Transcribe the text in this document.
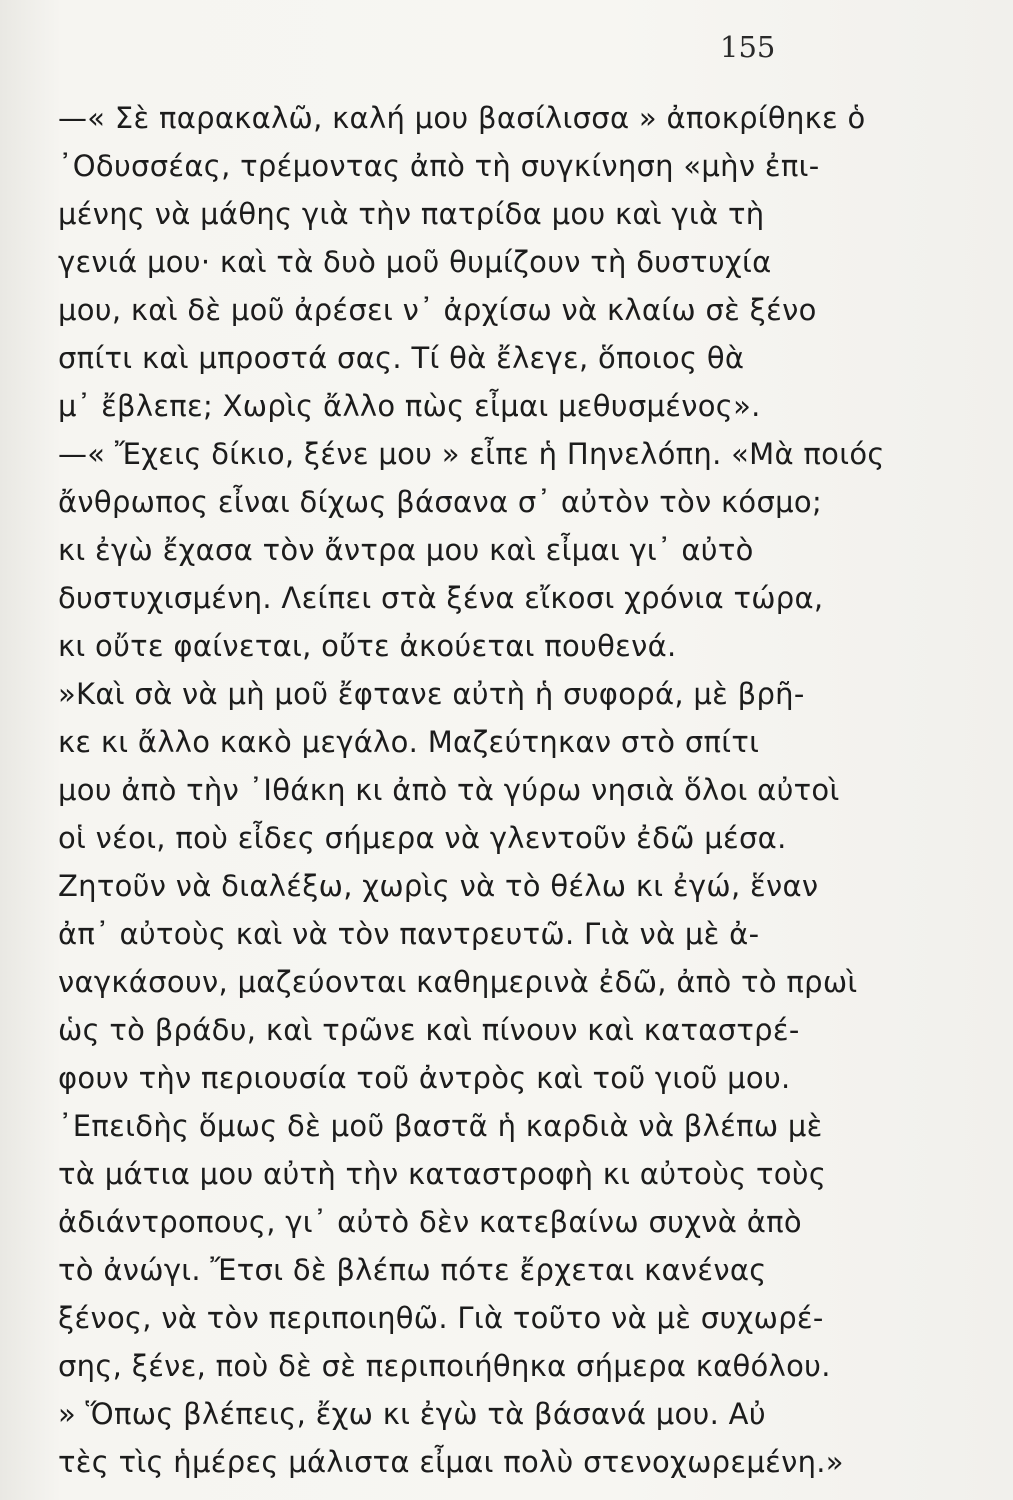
155
—« Σὲ παρακαλῶ, καλή μου βασίλισσα » ἀποκρίθηκε ὁ
᾿Οδυσσέας, τρέμοντας ἀπὸ τὴ συγκίνηση «μὴν ἐπι-
μένης νὰ μάθης γιὰ τὴν πατρίδα μου καὶ γιὰ τὴ
γενιά μου· καὶ τὰ δυὸ μοῦ θυμίζουν τὴ δυστυχία
μου, καὶ δὲ μοῦ ἀρέσει ν᾿ ἀρχίσω νὰ κλαίω σὲ ξένο
σπίτι καὶ μπροστά σας. Τί θὰ ἔλεγε, ὅποιος θὰ
μ᾿ ἔβλεπε; Χωρὶς ἄλλο πὼς εἶμαι μεθυσμένος».
—« Ἔχεις δίκιο, ξένε μου » εἶπε ἡ Πηνελόπη. «Μὰ ποιός
ἄνθρωπος εἶναι δίχως βάσανα σ᾿ αὐτὸν τὸν κόσμο;
κι ἐγὼ ἔχασα τὸν ἄντρα μου καὶ εἶμαι γι᾿ αὐτὸ
δυστυχισμένη. Λείπει στὰ ξένα εἴκοσι χρόνια τώρα,
κι οὔτε φαίνεται, οὔτε ἀκούεται πουθενά.
»Καὶ σὰ νὰ μὴ μοῦ ἔφτανε αὐτὴ ἡ συφορά, μὲ βρῆ-
κε κι ἄλλο κακὸ μεγάλο. Μαζεύτηκαν στὸ σπίτι
μου ἀπὸ τὴν ᾿Ιθάκη κι ἀπὸ τὰ γύρω νησιὰ ὅλοι αὐτοὶ
οἱ νέοι, ποὺ εἶδες σήμερα νὰ γλεντοῦν ἐδῶ μέσα.
Ζητοῦν νὰ διαλέξω, χωρὶς νὰ τὸ θέλω κι ἐγώ, ἕναν
ἀπ᾿ αὐτοὺς καὶ νὰ τὸν παντρευτῶ. Γιὰ νὰ μὲ ἀ-
ναγκάσουν, μαζεύονται καθημερινὰ ἐδῶ, ἀπὸ τὸ πρωὶ
ὡς τὸ βράδυ, καὶ τρῶνε καὶ πίνουν καὶ καταστρέ-
φουν τὴν περιουσία τοῦ ἀντρὸς καὶ τοῦ γιοῦ μου.
᾿Επειδὴς ὅμως δὲ μοῦ βαστᾶ ἡ καρδιὰ νὰ βλέπω μὲ
τὰ μάτια μου αὐτὴ τὴν καταστροφὴ κι αὐτοὺς τοὺς
ἀδιάντροπους, γι᾿ αὐτὸ δὲν κατεβαίνω συχνὰ ἀπὸ
τὸ ἀνώγι. Ἔτσι δὲ βλέπω πότε ἔρχεται κανένας
ξένος, νὰ τὸν περιποιηθῶ. Γιὰ τοῦτο νὰ μὲ συχωρέ-
σης, ξένε, ποὺ δὲ σὲ περιποιήθηκα σήμερα καθόλου.
» Ὅπως βλέπεις, ἔχω κι ἐγὼ τὰ βάσανά μου. Αὐ
τὲς τὶς ἡμέρες μάλιστα εἶμαι πολὺ στενοχωρεμένη.»
